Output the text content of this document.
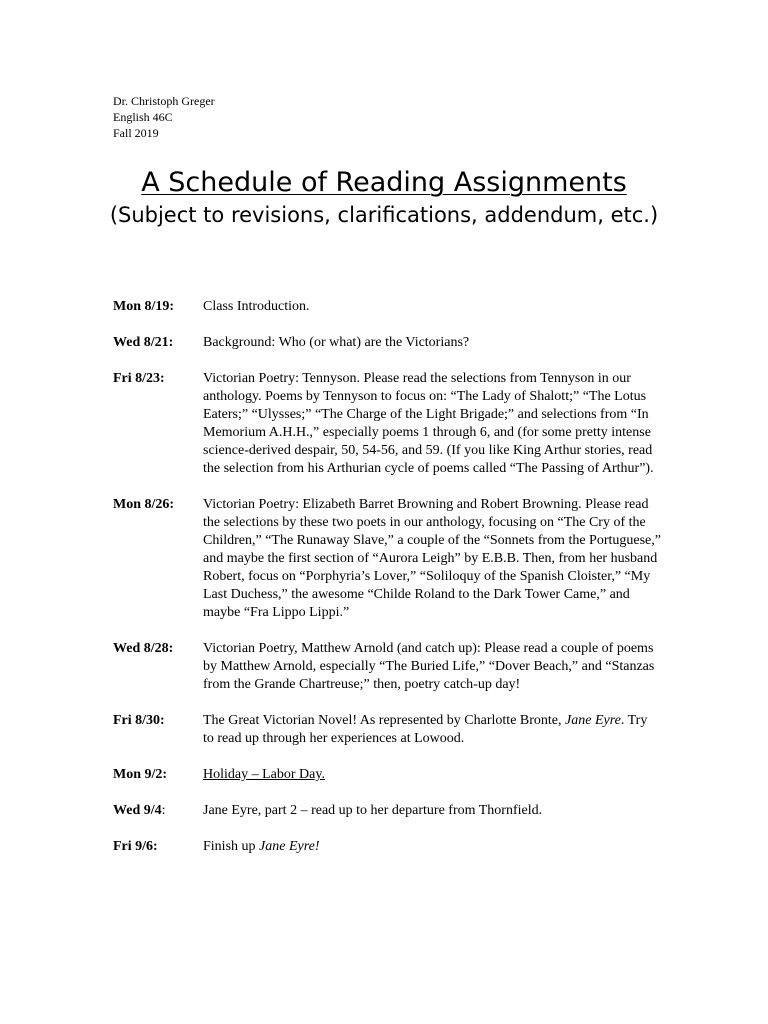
Dr. Christoph Greger
English 46C
Fall 2019
A Schedule of Reading Assignments
(Subject to revisions, clarifications, addendum, etc.)
Mon 8/19:	Class Introduction.
Wed 8/21:	Background: Who (or what) are the Victorians?
Fri 8/23:	Victorian Poetry: Tennyson. Please read the selections from Tennyson in our anthology. Poems by Tennyson to focus on: “The Lady of Shalott;” “The Lotus Eaters;” “Ulysses;” “The Charge of the Light Brigade;” and selections from “In Memorium A.H.H.,” especially poems 1 through 6, and (for some pretty intense science-derived despair, 50, 54-56, and 59. (If you like King Arthur stories, read the selection from his Arthurian cycle of poems called “The Passing of Arthur”).
Mon 8/26:	Victorian Poetry: Elizabeth Barret Browning and Robert Browning. Please read the selections by these two poets in our anthology, focusing on “The Cry of the Children,” “The Runaway Slave,” a couple of the “Sonnets from the Portuguese,” and maybe the first section of “Aurora Leigh” by E.B.B. Then, from her husband Robert, focus on “Porphyria’s Lover,” “Soliloquy of the Spanish Cloister,” “My Last Duchess,” the awesome “Childe Roland to the Dark Tower Came,” and maybe “Fra Lippo Lippi.”
Wed 8/28:	Victorian Poetry, Matthew Arnold (and catch up): Please read a couple of poems by Matthew Arnold, especially “The Buried Life,” “Dover Beach,” and “Stanzas from the Grande Chartreuse;” then, poetry catch-up day!
Fri 8/30:	The Great Victorian Novel! As represented by Charlotte Bronte, Jane Eyre. Try to read up through her experiences at Lowood.
Mon 9/2:	Holiday – Labor Day.
Wed 9/4:	Jane Eyre, part 2 – read up to her departure from Thornfield.
Fri 9/6:	Finish up Jane Eyre!
